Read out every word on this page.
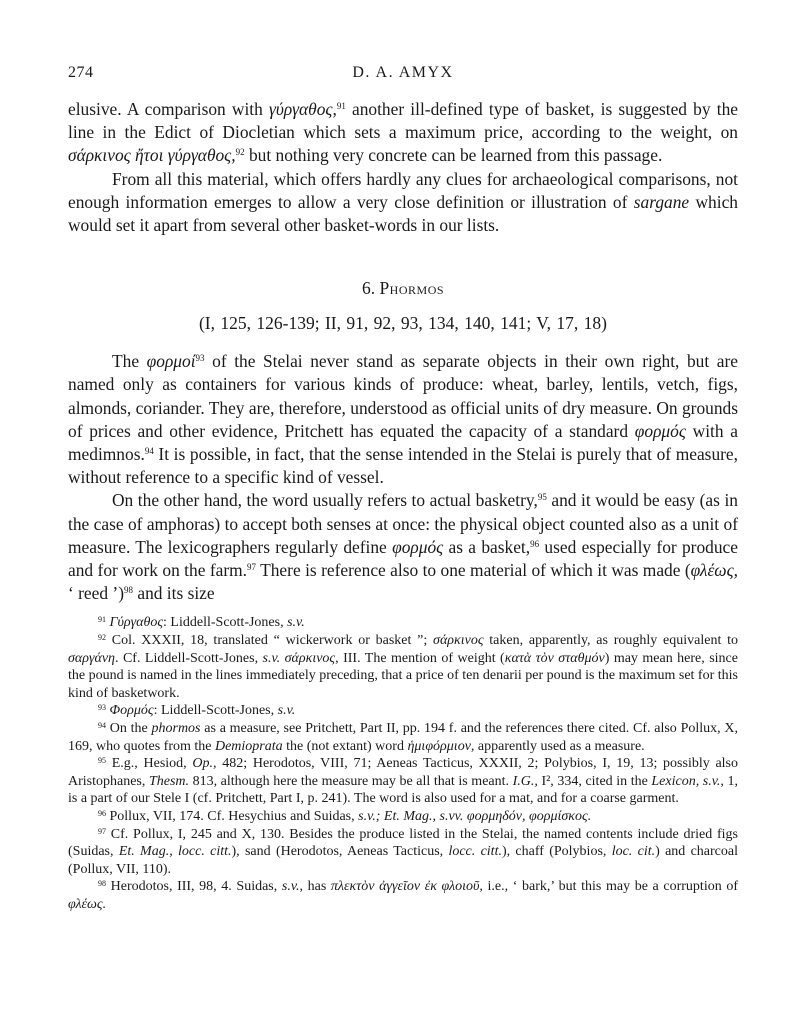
274	D. A. AMYX

elusive. A comparison with γύργαθος,$^{91}$ another ill-defined type of basket, is suggested by the line in the Edict of Diocletian which sets a maximum price, according to the weight, on σάρκινος ἤτοι γύργαθος,$^{92}$ but nothing very concrete can be learned from this passage.

From all this material, which offers hardly any clues for archaeological comparisons, not enough information emerges to allow a very close definition or illustration of sargane which would set it apart from several other basket-words in our lists.

6. Phormos
(I, 125, 126-139; II, 91, 92, 93, 134, 140, 141; V, 17, 18)

The φορμοί$^{93}$ of the Stelai never stand as separate objects in their own right, but are named only as containers for various kinds of produce: wheat, barley, lentils, vetch, figs, almonds, coriander. They are, therefore, understood as official units of dry measure. On grounds of prices and other evidence, Pritchett has equated the capacity of a standard φορμός with a medimnos.$^{94}$ It is possible, in fact, that the sense intended in the Stelai is purely that of measure, without reference to a specific kind of vessel.

On the other hand, the word usually refers to actual basketry,$^{95}$ and it would be easy (as in the case of amphoras) to accept both senses at once: the physical object counted also as a unit of measure. The lexicographers regularly define φορμός as a basket,$^{96}$ used especially for produce and for work on the farm.$^{97}$ There is reference also to one material of which it was made (φλέως, ‘ reed ’)$^{98}$ and its size

$^{91}$ Γύργαθος: Liddell-Scott-Jones, s.v.

$^{92}$ Col. XXXII, 18, translated “ wickerwork or basket ”; σάρκινος taken, apparently, as roughly equivalent to σαργάνη. Cf. Liddell-Scott-Jones, s.v. σάρκινος, III. The mention of weight (κατὰ τὸν σταθμόν) may mean here, since the pound is named in the lines immediately preceding, that a price of ten denarii per pound is the maximum set for this kind of basketwork.

$^{93}$ Φορμός: Liddell-Scott-Jones, s.v.

$^{94}$ On the phormos as a measure, see Pritchett, Part II, pp. 194 f. and the references there cited. Cf. also Pollux, X, 169, who quotes from the Demioprata the (not extant) word ἡμιφόρμιον, apparently used as a measure.

$^{95}$ E.g., Hesiod, Op., 482; Herodotos, VIII, 71; Aeneas Tacticus, XXXII, 2; Polybios, I, 19, 13; possibly also Aristophanes, Thesm. 813, although here the measure may be all that is meant. I.G., I², 334, cited in the Lexicon, s.v., 1, is a part of our Stele I (cf. Pritchett, Part I, p. 241). The word is also used for a mat, and for a coarse garment.

$^{96}$ Pollux, VII, 174. Cf. Hesychius and Suidas, s.v.; Et. Mag., s.vv. φορμηδόν, φορμίσκος.

$^{97}$ Cf. Pollux, I, 245 and X, 130. Besides the produce listed in the Stelai, the named contents include dried figs (Suidas, Et. Mag., locc. citt.), sand (Herodotos, Aeneas Tacticus, locc. citt.), chaff (Polybios, loc. cit.) and charcoal (Pollux, VII, 110).

$^{98}$ Herodotos, III, 98, 4. Suidas, s.v., has πλεκτὸν ἀγγεῖον ἐκ φλοιοῦ, i.e., ‘ bark,’ but this may be a corruption of φλέως.
